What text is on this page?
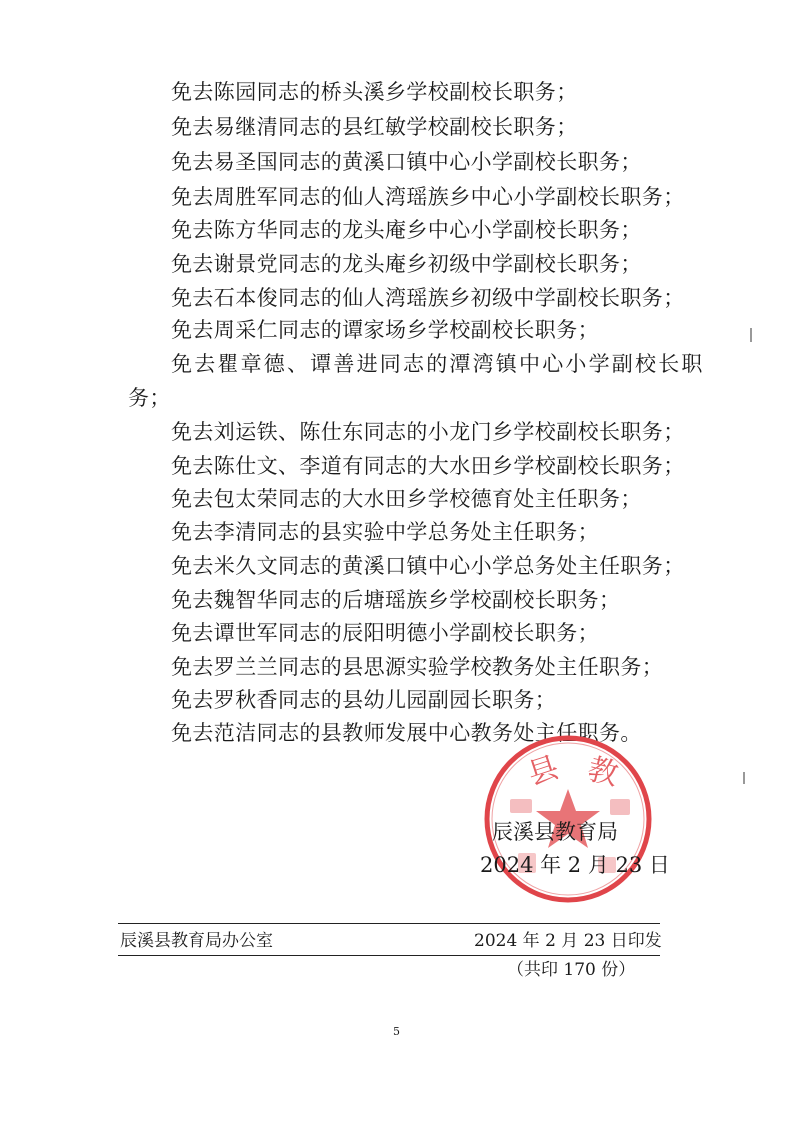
免去陈园同志的桥头溪乡学校副校长职务；
免去易继清同志的县红敏学校副校长职务；
免去易圣国同志的黄溪口镇中心小学副校长职务；
免去周胜军同志的仙人湾瑶族乡中心小学副校长职务；
免去陈方华同志的龙头庵乡中心小学副校长职务；
免去谢景党同志的龙头庵乡初级中学副校长职务；
免去石本俊同志的仙人湾瑶族乡初级中学副校长职务；
免去周采仁同志的谭家场乡学校副校长职务；
免去瞿章德、谭善进同志的潭湾镇中心小学副校长职
务；
免去刘运铁、陈仕东同志的小龙门乡学校副校长职务；
免去陈仕文、李道有同志的大水田乡学校副校长职务；
免去包太荣同志的大水田乡学校德育处主任职务；
免去李清同志的县实验中学总务处主任职务；
免去米久文同志的黄溪口镇中心小学总务处主任职务；
免去魏智华同志的后塘瑶族乡学校副校长职务；
免去谭世军同志的辰阳明德小学副校长职务；
免去罗兰兰同志的县思源实验学校教务处主任职务；
免去罗秋香同志的县幼儿园副园长职务；
免去范洁同志的县教师发展中心教务处主任职务。
县 教
辰溪县教育局
2024 年 2 月 23 日
辰溪县教育局办公室	2024 年 2 月 23 日印发
（共印 170 份）
5
